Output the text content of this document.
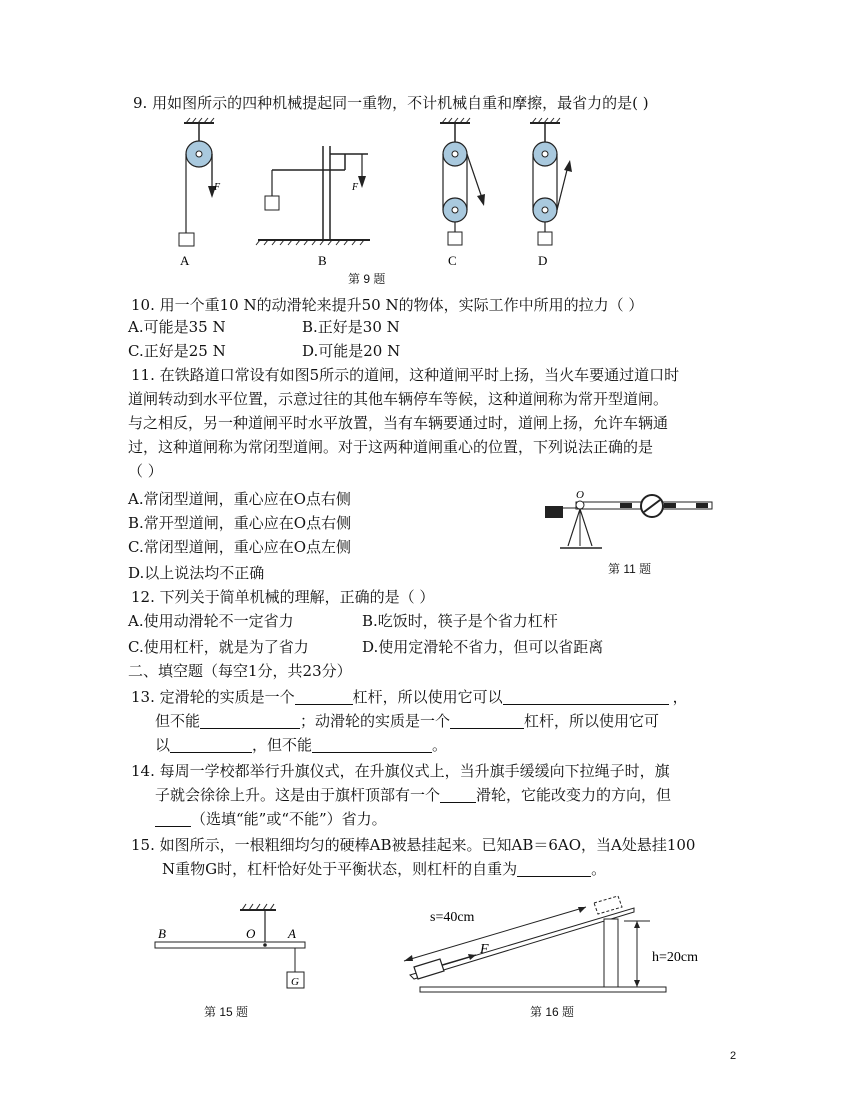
9. 用如图所示的四种机械提起同一重物，不计机械自重和摩擦，最省力的是( )
F	F
A	B	C	D
第 9 题
10. 用一个重10 N的动滑轮来提升50 N的物体，实际工作中所用的拉力（ ）
A.可能是35 N	B.正好是30 N
C.正好是25 N	D.可能是20 N
11. 在铁路道口常设有如图5所示的道闸，这种道闸平时上扬，当火车要通过道口时
道闸转动到水平位置，示意过往的其他车辆停车等候，这种道闸称为常开型道闸。
与之相反，另一种道闸平时水平放置，当有车辆要通过时，道闸上扬，允许车辆通
过，这种道闸称为常闭型道闸。对于这两种道闸重心的位置，下列说法正确的是
（ ）
A.常闭型道闸，重心应在O点右侧
B.常开型道闸，重心应在O点右侧
C.常闭型道闸，重心应在O点左侧
D.以上说法均不正确
O
第 11 题
12. 下列关于简单机械的理解，正确的是（ ）
A.使用动滑轮不一定省力	B.吃饭时，筷子是个省力杠杆
C.使用杠杆，就是为了省力	D.使用定滑轮不省力，但可以省距离
二、填空题（每空1分，共23分）
13. 定滑轮的实质是一个	杠杆，所以使用它可以	，
但不能	；动滑轮的实质是一个	杠杆，所以使用它可
以	，但不能	。
14. 每周一学校都举行升旗仪式，在升旗仪式上，当升旗手缓缓向下拉绳子时，旗
子就会徐徐上升。这是由于旗杆顶部有一个 滑轮，它能改变力的方向，但
（选填“能”或“不能”）省力。
15. 如图所示，一根粗细均匀的硬棒AB被悬挂起来。已知AB＝6AO，当A处悬挂100
N重物G时，杠杆恰好处于平衡状态，则杠杆的自重为	。
B	O	A
G
第 15 题
s=40cm
F
h=20cm
第 16 题
2
